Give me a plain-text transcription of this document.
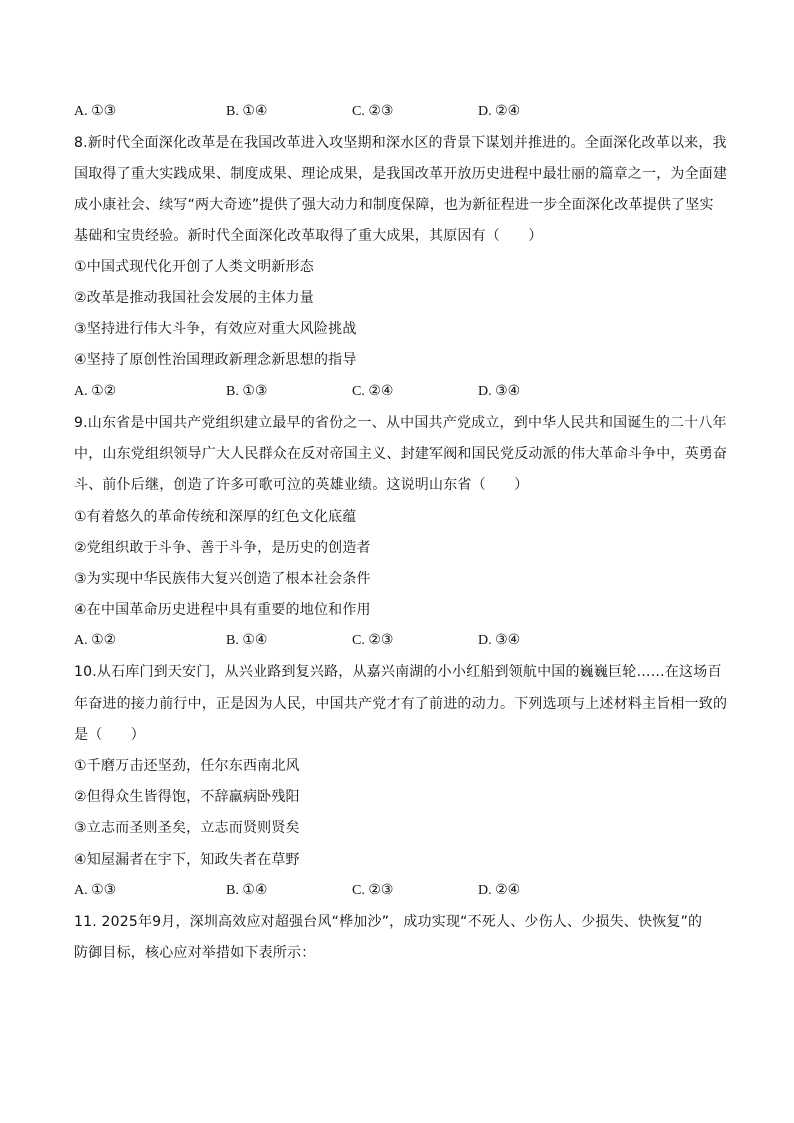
A. ①③	B. ①④	C. ②③	D. ②④
8.新时代全面深化改革是在我国改革进入攻坚期和深水区的背景下谋划并推进的。全面深化改革以来，我
国取得了重大实践成果、制度成果、理论成果，是我国改革开放历史进程中最壮丽的篇章之一，为全面建
成小康社会、续写“两大奇迹”提供了强大动力和制度保障，也为新征程进一步全面深化改革提供了坚实
基础和宝贵经验。新时代全面深化改革取得了重大成果，其原因有（　　）
①中国式现代化开创了人类文明新形态
②改革是推动我国社会发展的主体力量
③坚持进行伟大斗争，有效应对重大风险挑战
④坚持了原创性治国理政新理念新思想的指导
A. ①②	B. ①③	C. ②④	D. ③④
9.山东省是中国共产党组织建立最早的省份之一、从中国共产党成立，到中华人民共和国诞生的二十八年
中，山东党组织领导广大人民群众在反对帝国主义、封建军阀和国民党反动派的伟大革命斗争中，英勇奋
斗、前仆后继，创造了许多可歌可泣的英雄业绩。这说明山东省（　　）
①有着悠久的革命传统和深厚的红色文化底蕴
②党组织敢于斗争、善于斗争，是历史的创造者
③为实现中华民族伟大复兴创造了根本社会条件
④在中国革命历史进程中具有重要的地位和作用
A. ①②	B. ①④	C. ②③	D. ③④
10.从石库门到天安门，从兴业路到复兴路，从嘉兴南湖的小小红船到领航中国的巍巍巨轮……在这场百
年奋进的接力前行中，正是因为人民，中国共产党才有了前进的动力。下列选项与上述材料主旨相一致的
是（　　）
①千磨万击还坚劲，任尔东西南北风
②但得众生皆得饱，不辞羸病卧残阳
③立志而圣则圣矣，立志而贤则贤矣
④知屋漏者在宇下，知政失者在草野
A. ①③	B. ①④	C. ②③	D. ②④
11. 2025年9月，深圳高效应对超强台风“桦加沙”，成功实现“不死人、少伤人、少损失、快恢复”的
防御目标，核心应对举措如下表所示：
